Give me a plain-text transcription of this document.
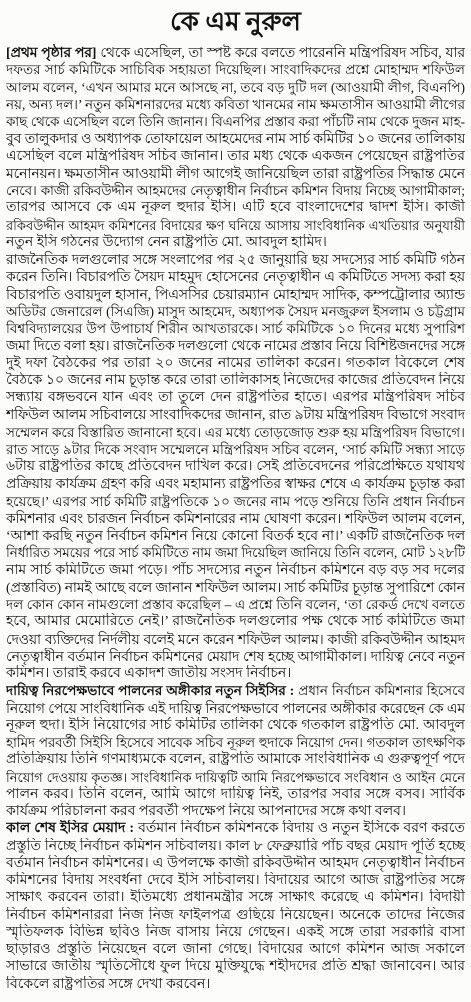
কে এম নুরুল
[প্রথম পৃষ্ঠার পর] থেকে এসেছিল, তা স্পষ্ট করে বলতে পারেননি মন্ত্রিপরিষদ সচিব, যার
দফতর সার্চ কমিটিকে সাচিবিক সহায়তা দিয়েছিল। সাংবাদিকদের প্রশ্নে মোহাম্মদ শফিউল
আলম বলেন, ‘এখন আমার মনে আসছে না, তবে বড় দুটি দল (আওয়ামী লীগ, বিএনপি)
নয়, অন্য দল।’ নতুন কমিশনারদের মধ্যে কবিতা খানমের নাম ক্ষমতাসীন আওয়ামী লীগের
কাছ থেকে এসেছিল বলে তিনি জানান। বিএনপির প্রস্তাব করা পাঁচটি নাম থেকে দুজন মাহ-
বুব তালুকদার ও অধ্যাপক তোফায়েল আহমেদের নাম সার্চ কমিটির ১০ জনের তালিকায়
এসেছিল বলে মন্ত্রিপরিষদ সচিব জানান। তার মধ্য থেকে একজন পেয়েছেন রাষ্ট্রপতির
মনোনয়ন। ক্ষমতাসীন আওয়ামী লীগ আগেই জানিয়েছিল তারা রাষ্ট্রপতির সিদ্ধান্ত মেনে
নেবে। কাজী রকিবউদ্দীন আহমদের নেতৃত্বাধীন নির্বাচন কমিশন বিদায় নিচ্ছে আগামীকাল;
তারপর আসবে কে এম নূরুল হুদার ইসি। এটি হবে বাংলাদেশের দ্বাদশ ইসি। কাজী
রকিবউদ্দীন আহমদ কমিশনের বিদায়ের ক্ষণ ঘনিয়ে আসায় সাংবিধানিক এখতিয়ার অনুযায়ী
নতুন ইসি গঠনের উদ্যোগ নেন রাষ্ট্রপতি মো. আবদুল হামিদ।
রাজনৈতিক দলগুলোর সঙ্গে সংলাপের পর ২৫ জানুয়ারি ছয় সদস্যের সার্চ কমিটি গঠন
করেন তিনি। বিচারপতি সৈয়দ মাহমুদ হোসেনের নেতৃত্বাধীন এ কমিটিতে সদস্য করা হয়
বিচারপতি ওবায়দুল হাসান, পিএসসির চেয়ারম্যান মোহাম্মদ সাদিক, কম্পট্রোলার অ্যান্ড
অডিটর জেনারেল (সিএজি) মাসুদ আহমেদ, অধ্যাপক সৈয়দ মনজুরুল ইসলাম ও চট্টগ্রাম
বিশ্ববিদ্যালয়ের উপ উপাচার্য শিরীন আখতারকে। সার্চ কমিটিকে ১০ দিনের মধ্যে সুপারিশ
জমা দিতে বলা হয়। রাজনৈতিক দলগুলো থেকে নামের প্রস্তাব নিয়ে বিশিষ্টজনদের সঙ্গে
দুই দফা বৈঠকের পর তারা ২০ জনের নামের তালিকা করেন। গতকাল বিকেলে শেষ
বৈঠকে ১০ জনের নাম চূড়ান্ত করে তারা তালিকাসহ নিজেদের কাজের প্রতিবেদন নিয়ে
সন্ধ্যায় বঙ্গভবনে যান এবং তা তুলে দেন রাষ্ট্রপতির হাতে। এরপর মন্ত্রিপরিষদ সচিব
শফিউল আলম সচিবালয়ে সাংবাদিকদের জানান, রাত ৯টায় মন্ত্রিপরিষদ বিভাগে সংবাদ
সম্মেলন করে বিস্তারিত জানানো হবে। এর মধ্যে তোড়জোড় শুরু হয় মন্ত্রিপরিষদ বিভাগে।
রাত সাড়ে ৯টার দিকে সংবাদ সম্মেলনে মন্ত্রিপরিষদ সচিব বলেন, ‘সার্চ কমিটি সন্ধ্যা সাড়ে
৬টায় রাষ্ট্রপতির কাছে প্রতিবেদন দাখিল করে। সেই প্রতিবেদনের পরিপ্রেক্ষিতে যথাযথ
প্রক্রিয়ায় কার্যক্রম গ্রহণ করি এবং মহামান্য রাষ্ট্রপতির স্বাক্ষর শেষে এ কার্যক্রম চূড়ান্ত করা
হয়েছে।’ এরপর সার্চ কমিটি রাষ্ট্রপতিকে ১০ জনের নাম পড়ে শুনিয়ে তিনি প্রধান নির্বাচন
কমিশনার এবং চারজন নির্বাচন কমিশনারের নাম ঘোষণা করেন। শফিউল আলম বলেন,
‘আশা করছি নতুন নির্বাচন কমিশন নিয়ে কোনো বিতর্ক হবে না।’ একটি রাজনৈতিক দল
নির্ধারিত সময়ের পরে সার্চ কমিটিতে নাম জমা দিয়েছিল জানিয়ে তিনি বলেন, মোট ১২৮টি
নাম সার্চ কমিটিতে জমা পড়ে। পাঁচ সদস্যের নতুন নির্বাচন কমিশনে বড় বড় সব দলের
(প্রস্তাবিত) নামই আছে বলে জানান শফিউল আলম। সার্চ কমিটির চূড়ান্ত সুপারিশে কোন
দল কোন কোন নামগুলো প্রস্তাব করেছিল – এ প্রশ্নে তিনি বলেন, ‘তা রেকর্ড দেখে বলতে
হবে, আমার মেমোরিতে নেই।’ রাজনৈতিক দলগুলোর পক্ষ থেকে সার্চ কমিটিতে জমা
দেওয়া ব্যক্তিদের নির্দলীয় বলেই মনে করেন শফিউল আলম। কাজী রকিবউদ্দীন আহমদ
নেতৃত্বাধীন বর্তমান নির্বাচন কমিশনের মেয়াদ শেষ হচ্ছে আগামীকাল। দায়িত্ব নেবে নতুন
কমিশন। তারাই করবে একাদশ জাতীয় সংসদ নির্বাচন।
দায়িত্ব নিরপেক্ষভাবে পালনের অঙ্গীকার নতুন সিইসির : প্রধান নির্বাচন কমিশনার হিসেবে
নিয়োগ পেয়ে সাংবিধানিক এই দায়িত্ব নিরপেক্ষভাবে পালনের অঙ্গীকার করেছেন কে এম
নূরুল হুদা। ইসি নিয়োগের সার্চ কমিটির তালিকা থেকে গতকাল রাষ্ট্রপতি মো. আবদুল
হামিদ পরবর্তী সিইসি হিসেবে সাবেক সচিব নূরুল হুদাকে নিয়োগ দেন। গতকাল তাৎক্ষণিক
প্রতিক্রিয়ায় তিনি গণমাধ্যমকে বলেন, রাষ্ট্রপতি আমাকে সাংবিধানিক এ গুরুত্বপূর্ণ পদে
নিয়োগ দেওয়ায় কৃতজ্ঞ। সাংবিধানিক দায়িত্বটি আমি নিরপেক্ষভাবে সংবিধান ও আইন মেনে
পালন করব। তিনি বলেন, আমি আগে দায়িত্ব নিই, তারপর সবার সঙ্গে বসব। সার্বিক
কার্যক্রম পরিচালনা করব পরবর্তী পদক্ষেপ নিয়ে আপনাদের সঙ্গে কথা বলব।
কাল শেষ ইসির মেয়াদ : বর্তমান নির্বাচন কমিশনকে বিদায় ও নতুন ইসিকে বরণ করতে
প্রস্তুতি নিচ্ছে নির্বাচন কমিশন সচিবালয়। কাল ৮ ফেব্রুয়ারি পাঁচ বছর মেয়াদ পূর্তি হচ্ছে
বর্তমান নির্বাচন কমিশনের। এ উপলক্ষে কাজী রকিবউদ্দীন আহমদ নেতৃত্বাধীন নির্বাচন
কমিশনের বিদায় সংবর্ধনা দেবে ইসি সচিবালয়। বিদায়ের আগে আজ রাষ্ট্রপতির সঙ্গে
সাক্ষাৎ করবেন তারা। ইতিমধ্যে প্রধানমন্ত্রীর সঙ্গে সাক্ষাৎ করেছে এ কমিশন। বিদায়ী
নির্বাচন কমিশনাররা নিজ নিজ ফাইলপত্র গুছিয়ে নিয়েছেন। অনেকে তাদের নিজের
স্মৃতিফলক বিভিন্ন ছবিও নিজ বাসায় নিয়ে গেছেন। একই সঙ্গে তারা সরকারি বাসা
ছাড়ারও প্রস্তুতি নিয়েছেন বলে জানা গেছে। বিদায়ের আগে কমিশন আজ সকালে
সাভারে জাতীয় স্মৃতিসৌধে ফুল দিয়ে মুক্তিযুদ্ধে শহীদদের প্রতি শ্রদ্ধা জানাবেন। আর
বিকেলে রাষ্ট্রপতির সঙ্গে দেখা করবেন।
